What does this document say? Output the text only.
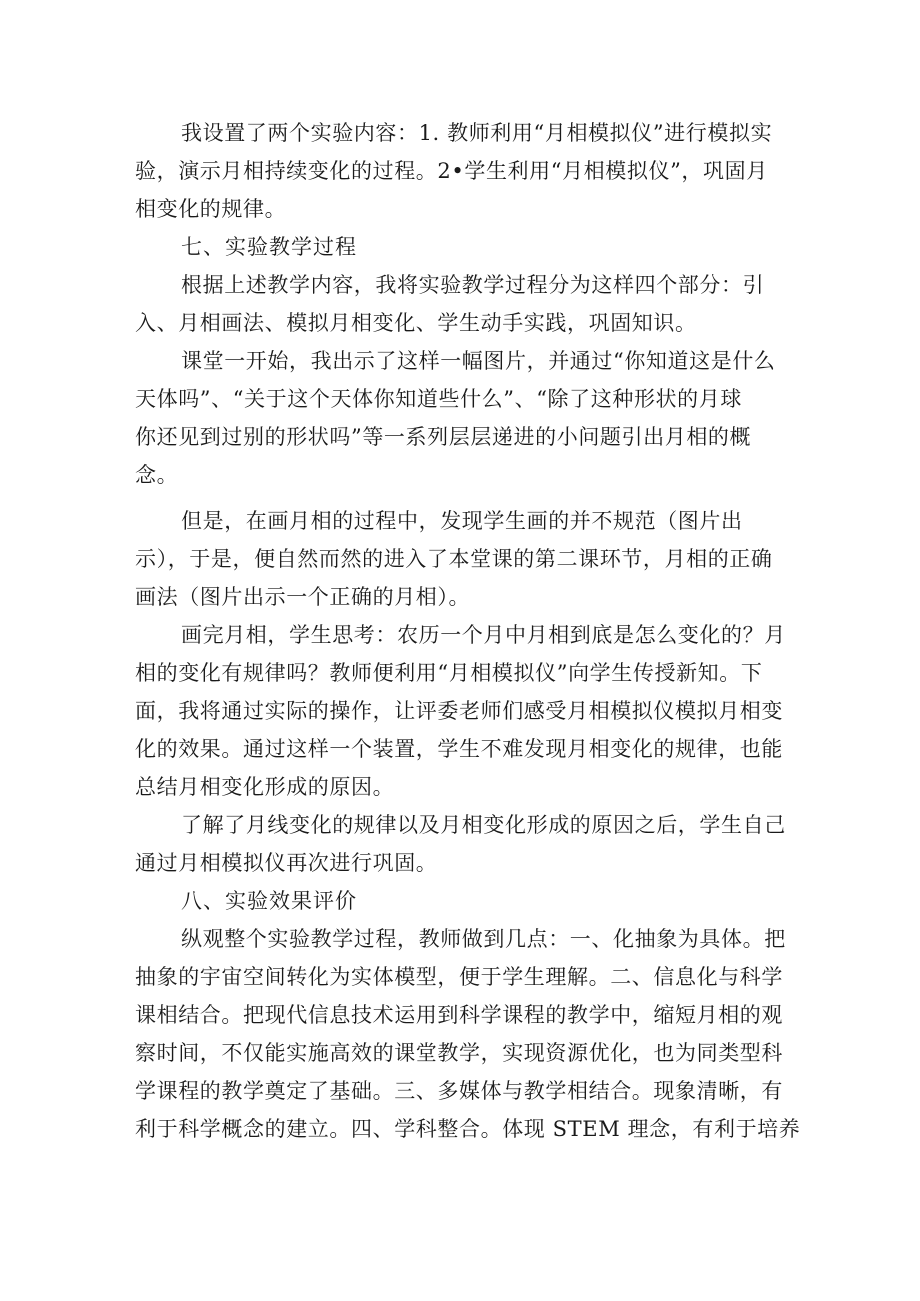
我设置了两个实验内容：1. 教师利用“月相模拟仪”进行模拟实
验，演示月相持续变化的过程。2•学生利用“月相模拟仪”，巩固月
相变化的规律。
七、实验教学过程
根据上述教学内容，我将实验教学过程分为这样四个部分：引
入、月相画法、模拟月相变化、学生动手实践，巩固知识。
课堂一开始，我出示了这样一幅图片，并通过“你知道这是什么
天体吗”、“关于这个天体你知道些什么”、“除了这种形状的月球
你还见到过别的形状吗”等一系列层层递进的小问题引出月相的概
念。
但是，在画月相的过程中，发现学生画的并不规范（图片出
示），于是，便自然而然的进入了本堂课的第二课环节，月相的正确
画法（图片出示一个正确的月相）。
画完月相，学生思考：农历一个月中月相到底是怎么变化的？月
相的变化有规律吗？教师便利用“月相模拟仪”向学生传授新知。下
面，我将通过实际的操作，让评委老师们感受月相模拟仪模拟月相变
化的效果。通过这样一个装置，学生不难发现月相变化的规律，也能
总结月相变化形成的原因。
了解了月线变化的规律以及月相变化形成的原因之后，学生自己
通过月相模拟仪再次进行巩固。
八、实验效果评价
纵观整个实验教学过程，教师做到几点：一、化抽象为具体。把
抽象的宇宙空间转化为实体模型，便于学生理解。二、信息化与科学
课相结合。把现代信息技术运用到科学课程的教学中，缩短月相的观
察时间，不仅能实施高效的课堂教学，实现资源优化，也为同类型科
学课程的教学奠定了基础。三、多媒体与教学相结合。现象清晰，有
利于科学概念的建立。四、学科整合。体现 STEM 理念，有利于培养
